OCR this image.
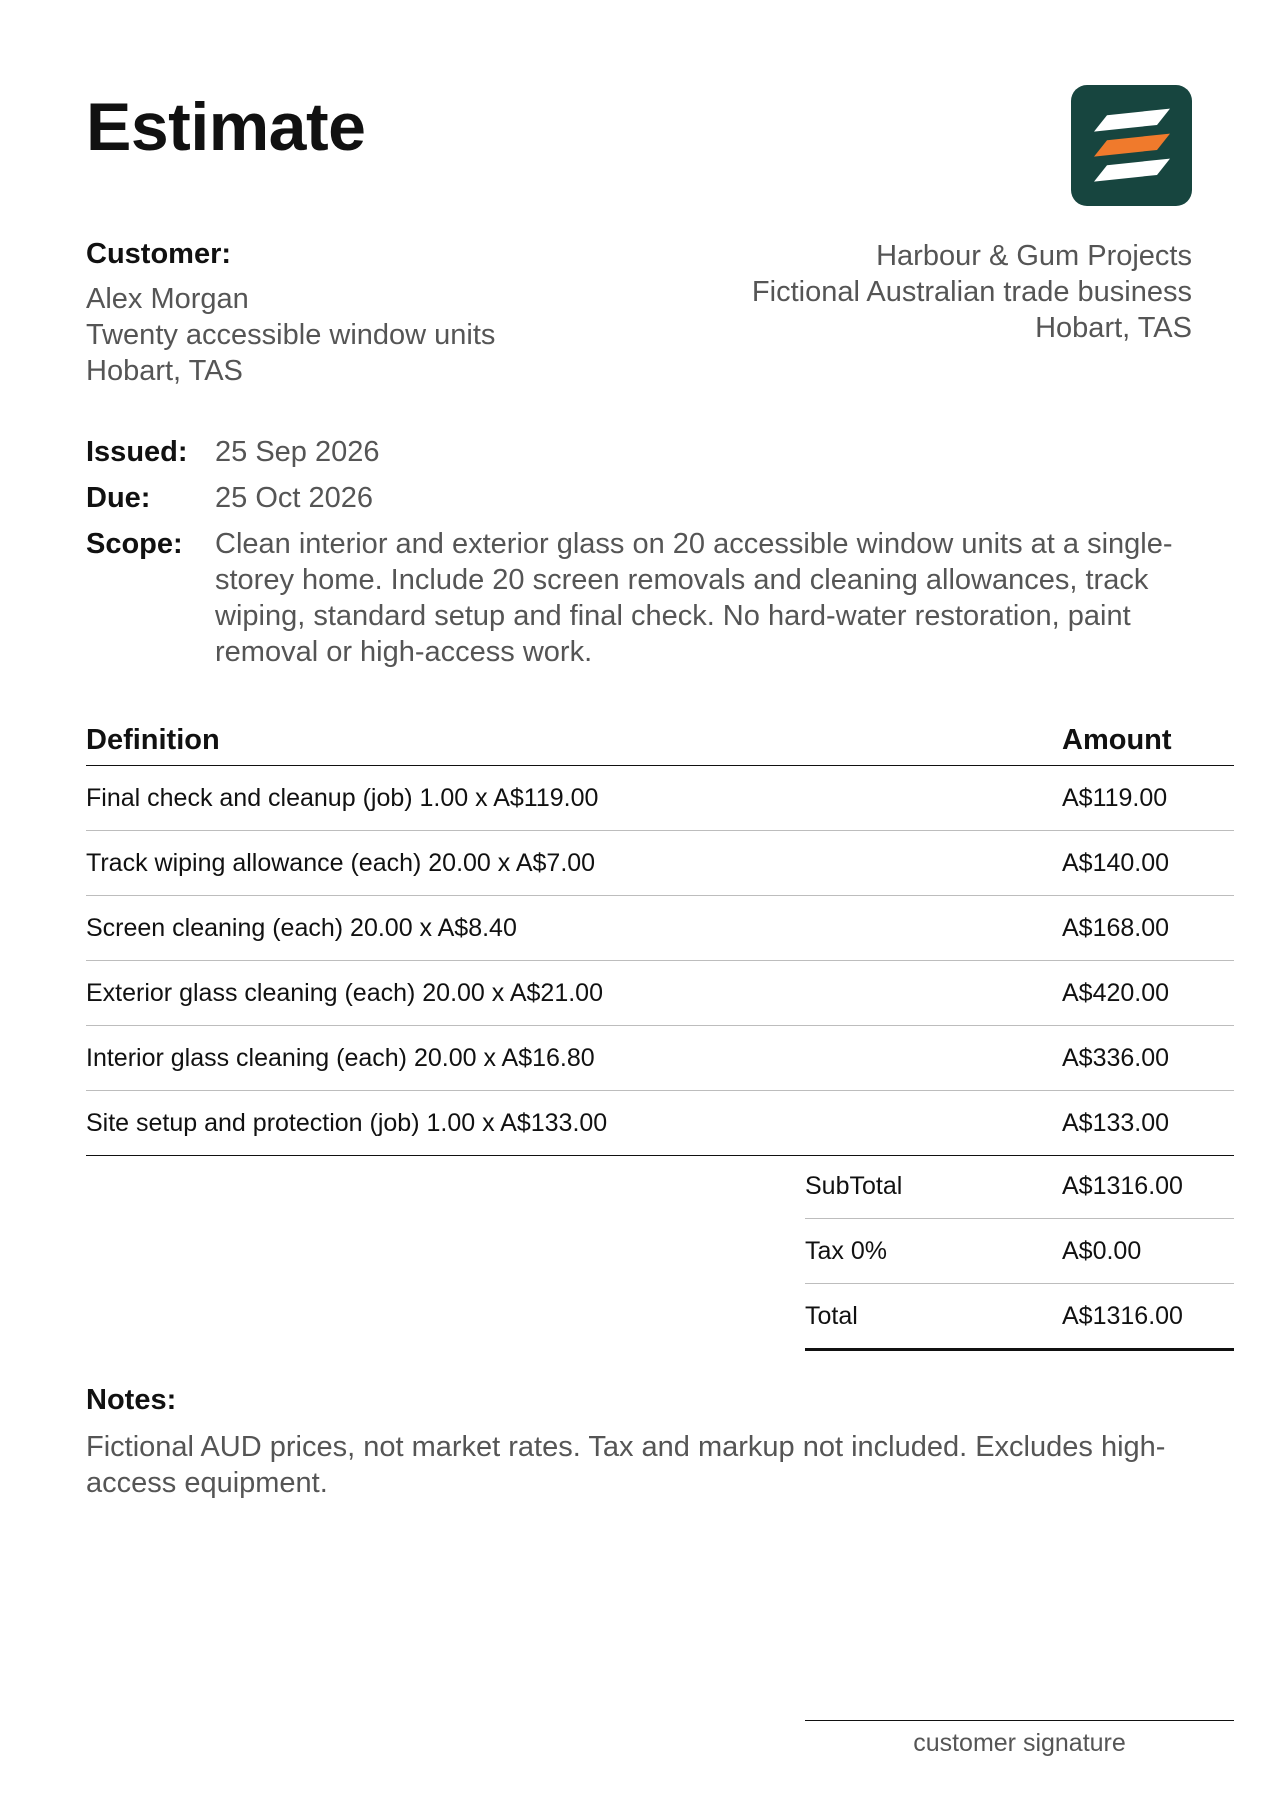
Estimate
Customer:
Alex Morgan
Twenty accessible window units
Hobart, TAS
Harbour & Gum Projects
Fictional Australian trade business
Hobart, TAS
Issued: 25 Sep 2026
Due:	25 Oct 2026
Scope:	Clean interior and exterior glass on 20 accessible window units at a single-storey home. Include 20 screen removals and cleaning allowances, track wiping, standard setup and final check. No hard-water restoration, paint removal or high-access work.
Definition	Amount
Final check and cleanup (job) 1.00 x A$119.00	A$119.00
Track wiping allowance (each) 20.00 x A$7.00	A$140.00
Screen cleaning (each) 20.00 x A$8.40	A$168.00
Exterior glass cleaning (each) 20.00 x A$21.00	A$420.00
Interior glass cleaning (each) 20.00 x A$16.80	A$336.00
Site setup and protection (job) 1.00 x A$133.00	A$133.00
SubTotal	A$1316.00
Tax 0%	A$0.00
Total	A$1316.00
Notes:
Fictional AUD prices, not market rates. Tax and markup not included. Excludes high-access equipment.
customer signature
